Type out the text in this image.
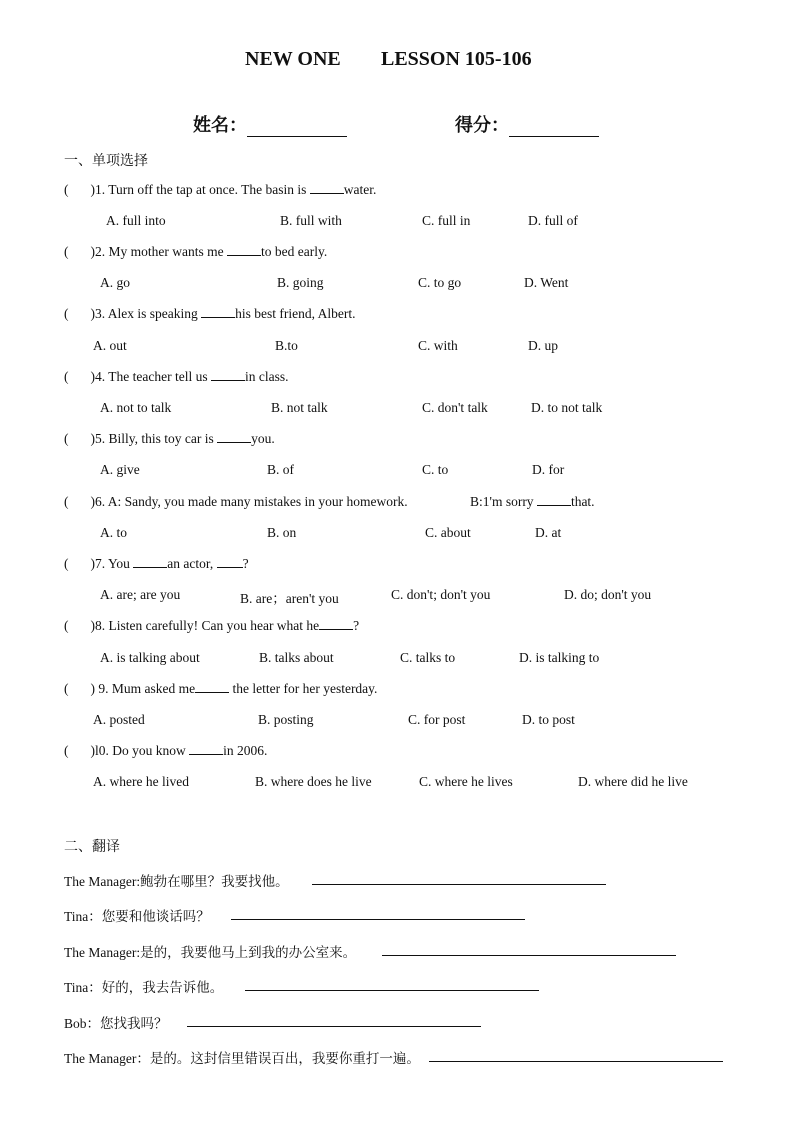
NEW ONE LESSON 105-106
姓名：	得分：
一、单项选择
( )1. Turn off the tap at once. The basin is	water.
A. full into	B. full with	C. full in	D. full of
( )2. My mother wants me	to bed early.
A. go	B. going	C. to go	D. Went
( )3. Alex is speaking	his best friend, Albert.
A. out	B.to	C. with	D. up
( )4. The teacher tell us	in class.
A. not to talk	B. not talk	C. don't talk	D. to not talk
( )5. Billy, this toy car is	you.
A. give	B. of	C. to	D. for
( )6. A: Sandy, you made many mistakes in your homework.	B:1'm sorry	that.
A. to	B. on	C. about	D. at
( )7. You	an actor, ?
A. are; are you	B. are；aren't you	C. don't; don't you	D. do; don't you
( )8. Listen carefully! Can you hear what he	?
A. is talking about	B. talks about	C. talks to	D. is talking to
( ) 9. Mum asked me	the letter for her yesterday.
A. posted	B. posting	C. for post	D. to post
( )l0. Do you know	in 2006.
A. where he lived	B. where does he live	C. where he lives	D. where did he live
二、翻译
The Manager:鲍勃在哪里？我要找他。
Tina：您要和他谈话吗？
The Manager:是的，我要他马上到我的办公室来。
Tina：好的，我去告诉他。
Bob：您找我吗？
The Manager：是的。这封信里错误百出，我要你重打一遍。
